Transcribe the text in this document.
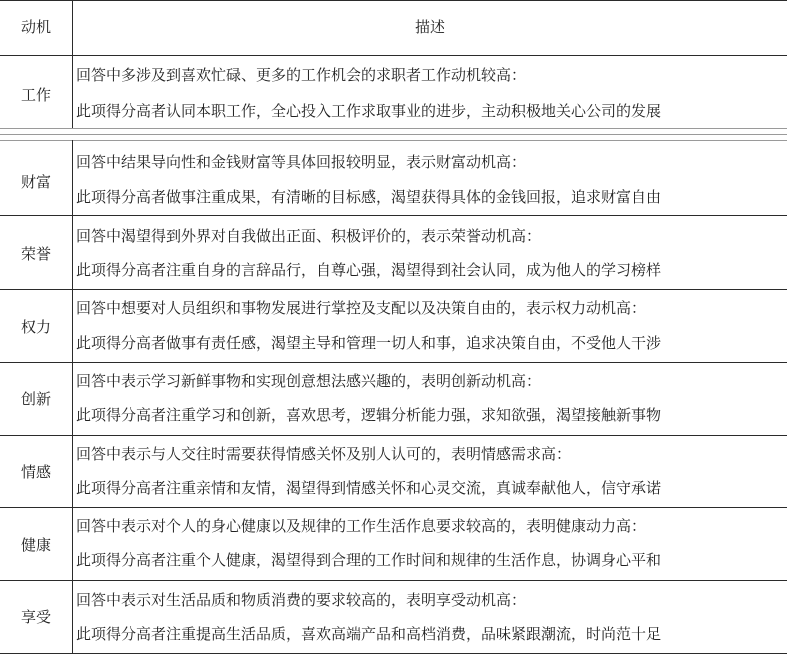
动机	描述
工作
回答中多涉及到喜欢忙碌、更多的工作机会的求职者工作动机较高：
此项得分高者认同本职工作，全心投入工作求取事业的进步，主动积极地关心公司的发展
财富
回答中结果导向性和金钱财富等具体回报较明显，表示财富动机高：
此项得分高者做事注重成果，有清晰的目标感，渴望获得具体的金钱回报，追求财富自由
荣誉
回答中渴望得到外界对自我做出正面、积极评价的，表示荣誉动机高：
此项得分高者注重自身的言辞品行，自尊心强，渴望得到社会认同，成为他人的学习榜样
权力
回答中想要对人员组织和事物发展进行掌控及支配以及决策自由的，表示权力动机高：
此项得分高者做事有责任感，渴望主导和管理一切人和事，追求决策自由，不受他人干涉
创新
回答中表示学习新鲜事物和实现创意想法感兴趣的，表明创新动机高：
此项得分高者注重学习和创新，喜欢思考，逻辑分析能力强，求知欲强，渴望接触新事物
情感
回答中表示与人交往时需要获得情感关怀及别人认可的，表明情感需求高：
此项得分高者注重亲情和友情，渴望得到情感关怀和心灵交流，真诚奉献他人，信守承诺
健康
回答中表示对个人的身心健康以及规律的工作生活作息要求较高的，表明健康动力高：
此项得分高者注重个人健康，渴望得到合理的工作时间和规律的生活作息，协调身心平和
享受
回答中表示对生活品质和物质消费的要求较高的，表明享受动机高：
此项得分高者注重提高生活品质，喜欢高端产品和高档消费，品味紧跟潮流，时尚范十足
